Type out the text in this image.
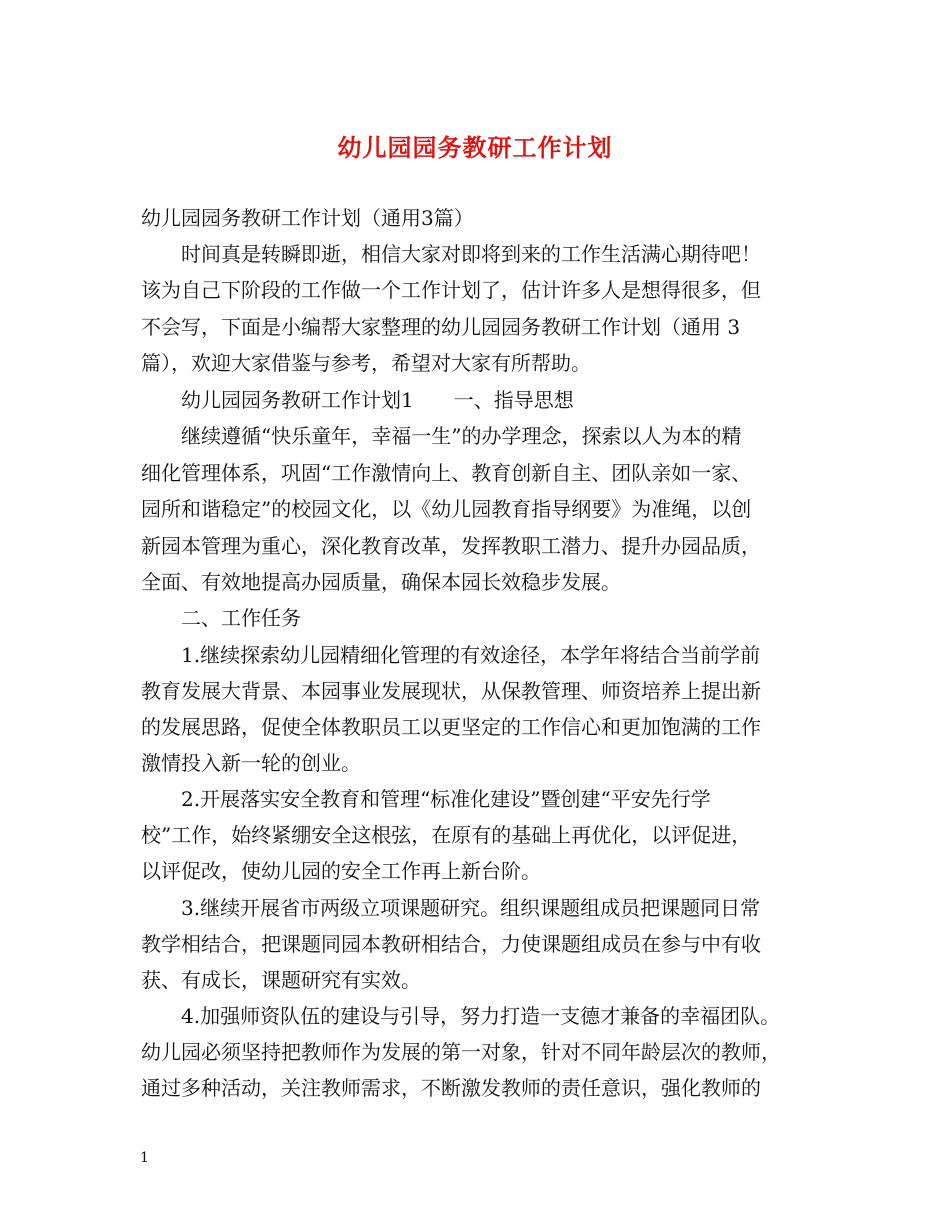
幼儿园园务教研工作计划

幼儿园园务教研工作计划（通用3篇）

时间真是转瞬即逝，相信大家对即将到来的工作生活满心期待吧！

该为自己下阶段的工作做一个工作计划了，估计许多人是想得很多，但

不会写，下面是小编帮大家整理的幼儿园园务教研工作计划（通用 3

篇），欢迎大家借鉴与参考，希望对大家有所帮助。

幼儿园园务教研工作计划1　　一、指导思想

继续遵循“快乐童年，幸福一生”的办学理念，探索以人为本的精

细化管理体系，巩固“工作激情向上、教育创新自主、团队亲如一家、

园所和谐稳定”的校园文化，以《幼儿园教育指导纲要》为准绳，以创

新园本管理为重心，深化教育改革，发挥教职工潜力、提升办园品质，

全面、有效地提高办园质量，确保本园长效稳步发展。

二、工作任务

1.继续探索幼儿园精细化管理的有效途径，本学年将结合当前学前

教育发展大背景、本园事业发展现状，从保教管理、师资培养上提出新

的发展思路，促使全体教职员工以更坚定的工作信心和更加饱满的工作

激情投入新一轮的创业。

2.开展落实安全教育和管理“标准化建设”暨创建“平安先行学

校”工作，始终紧绷安全这根弦，在原有的基础上再优化，以评促进，

以评促改，使幼儿园的安全工作再上新台阶。

3.继续开展省市两级立项课题研究。组织课题组成员把课题同日常

教学相结合，把课题同园本教研相结合，力使课题组成员在参与中有收

获、有成长，课题研究有实效。

4.加强师资队伍的建设与引导，努力打造一支德才兼备的幸福团队。

幼儿园必须坚持把教师作为发展的第一对象，针对不同年龄层次的教师，

通过多种活动，关注教师需求，不断激发教师的责任意识，强化教师的

1
